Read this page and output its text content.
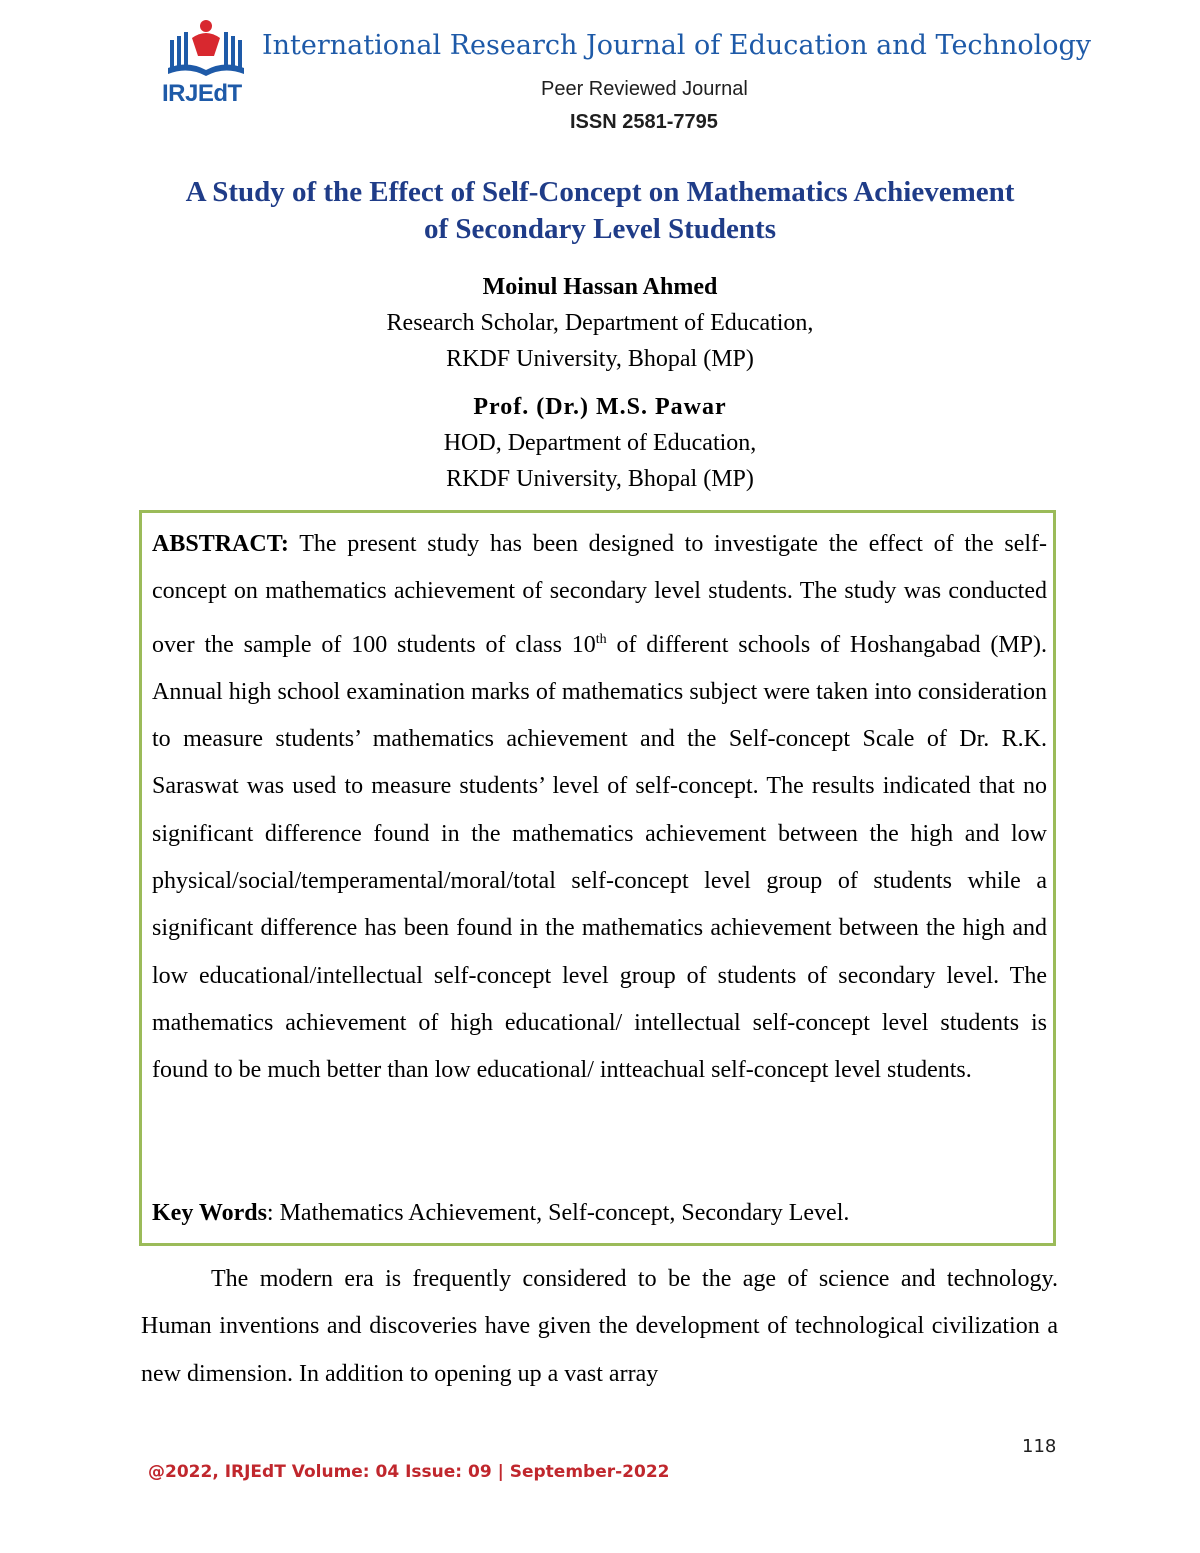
IRJEdT
International Research Journal of Education and Technology
Peer Reviewed Journal
ISSN 2581-7795
A Study of the Effect of Self-Concept on Mathematics Achievement
of Secondary Level Students
Moinul Hassan Ahmed
Research Scholar, Department of Education,
RKDF University, Bhopal (MP)
Prof. (Dr.) M.S. Pawar
HOD, Department of Education,
RKDF University, Bhopal (MP)
ABSTRACT: The present study has been designed to investigate the effect of the self-concept on mathematics achievement of secondary level students. The study was conducted over the sample of 100 students of class 10th of different schools of Hoshangabad (MP). Annual high school examination marks of mathematics subject were taken into consideration to measure students’ mathematics achievement and the Self-concept Scale of Dr. R.K. Saraswat was used to measure students’ level of self-concept. The results indicated that no significant difference found in the mathematics achievement between the high and low physical/social/temperamental/moral/total self-concept level group of students while a significant difference has been found in the mathematics achievement between the high and low educational/intellectual self-concept level group of students of secondary level. The mathematics achievement of high educational/ intellectual self-concept level students is found to be much better than low educational/ intteachual self-concept level students.
Key Words: Mathematics Achievement, Self-concept, Secondary Level.
The modern era is frequently considered to be the age of science and technology. Human inventions and discoveries have given the development of technological civilization a new dimension. In addition to opening up a vast array
118
@2022, IRJEdT Volume: 04 Issue: 09 | September-2022
